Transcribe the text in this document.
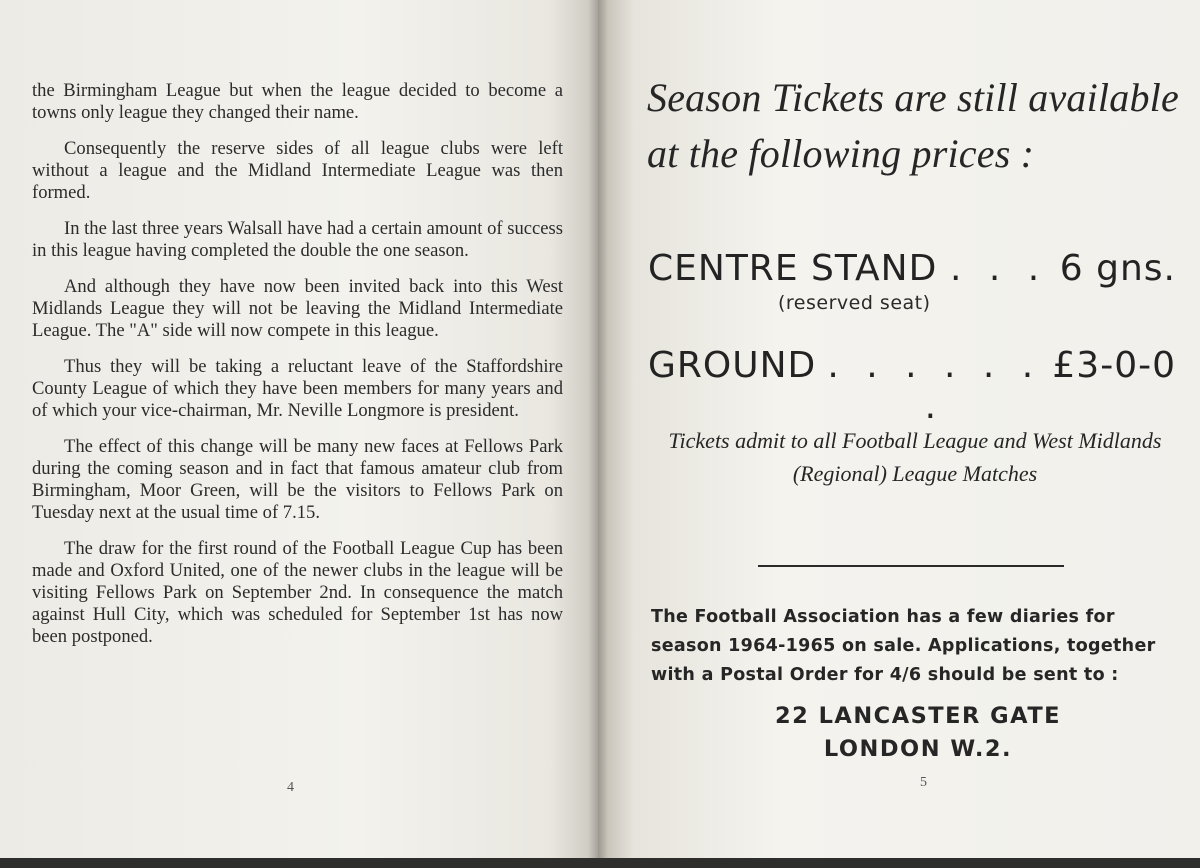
the Birmingham League but when the league decided to become a towns only league they changed their name.

Consequently the reserve sides of all league clubs were left without a league and the Midland Intermediate League was then formed.

In the last three years Walsall have had a certain amount of success in this league having completed the double the one season.

And although they have now been invited back into this West Midlands League they will not be leaving the Midland Intermediate League. The "A" side will now compete in this league.

Thus they will be taking a reluctant leave of the Staffordshire County League of which they have been members for many years and of which your vice-chairman, Mr. Neville Longmore is president.

The effect of this change will be many new faces at Fellows Park during the coming season and in fact that famous amateur club from Birmingham, Moor Green, will be the visitors to Fellows Park on Tuesday next at the usual time of 7.15.

The draw for the first round of the Football League Cup has been made and Oxford United, one of the newer clubs in the league will be visiting Fellows Park on September 2nd. In consequence the match against Hull City, which was scheduled for September 1st has now been postponed.

4
Season Tickets are still available
at the following prices :
CENTRE STAND . . . 6 gns.
(reserved seat)
GROUND . . . . . . .
£3-0-0
Tickets admit to all Football League and West Midlands (Regional) League Matches
The Football Association has a few diaries for season 1964-1965 on sale. Applications, together with a Postal Order for 4/6 should be sent to :
22 LANCASTER GATE
LONDON W.2.
5
